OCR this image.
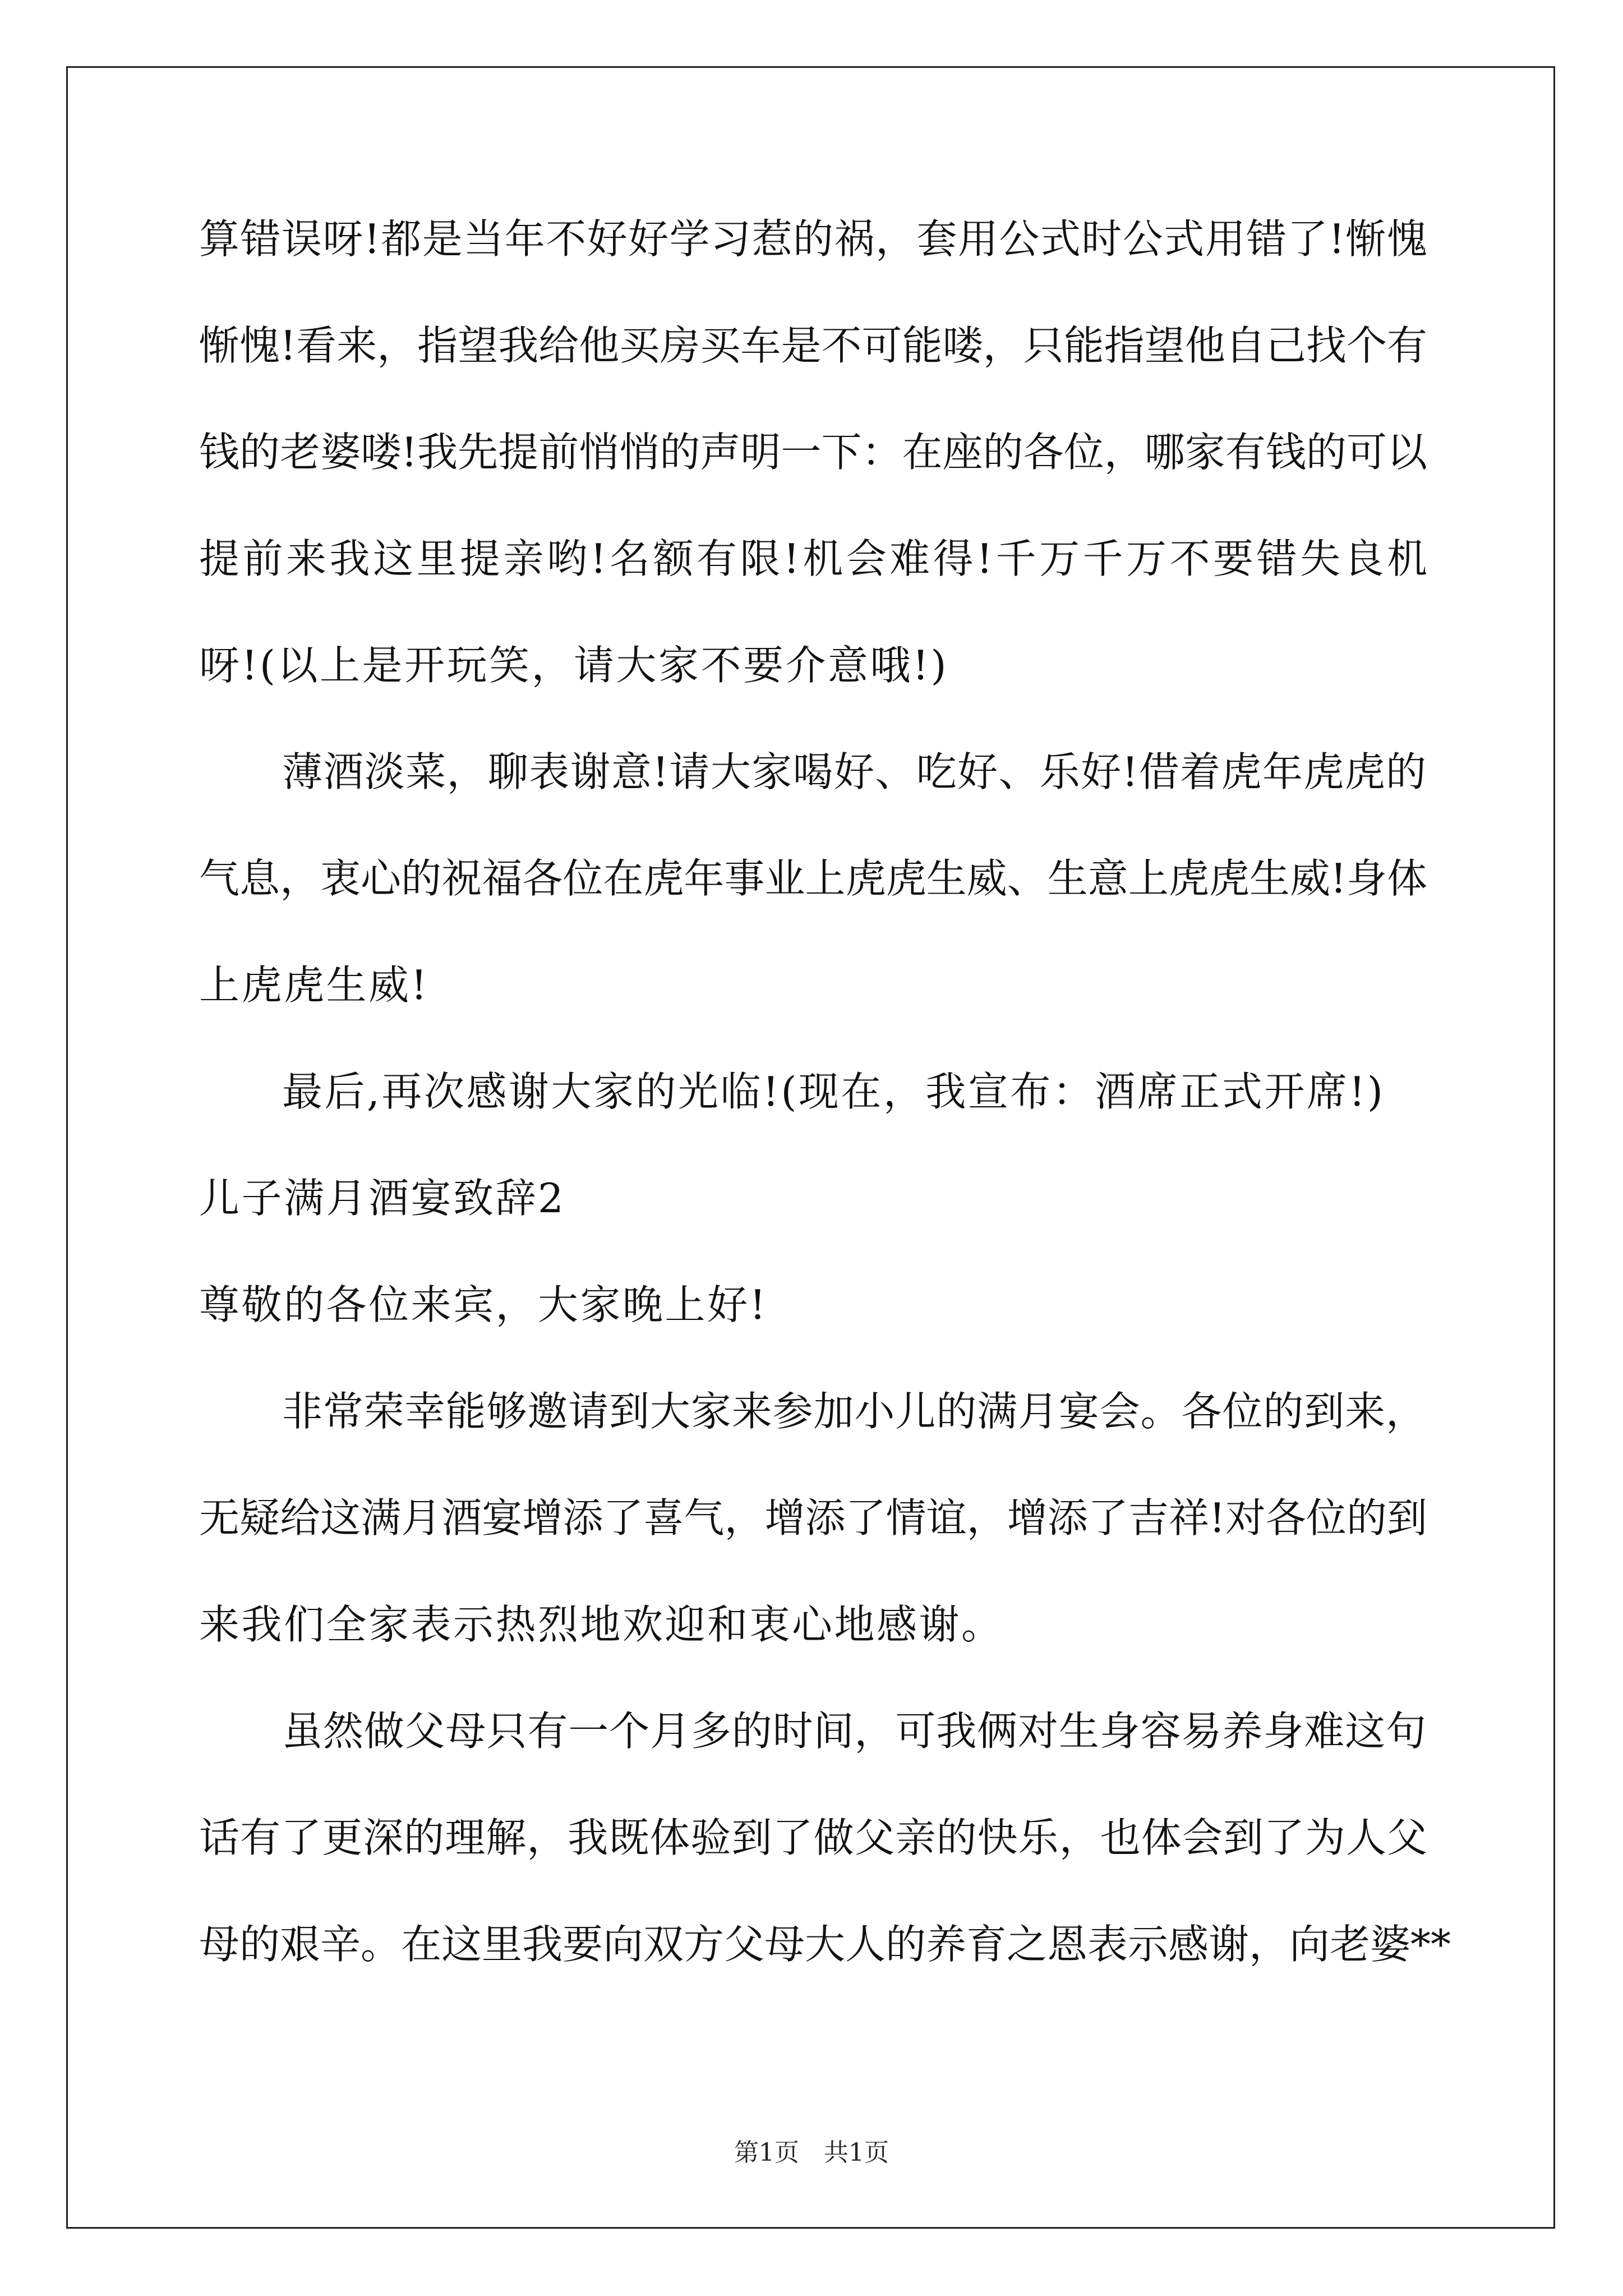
算错误呀!都是当年不好好学习惹的祸，套用公式时公式用错了!惭愧
惭愧!看来，指望我给他买房买车是不可能喽，只能指望他自己找个有
钱的老婆喽!我先提前悄悄的声明一下：在座的各位，哪家有钱的可以
提前来我这里提亲哟!名额有限!机会难得!千万千万不要错失良机
呀!(以上是开玩笑，请大家不要介意哦!)
薄酒淡菜，聊表谢意!请大家喝好、吃好、乐好!借着虎年虎虎的
气息，衷心的祝福各位在虎年事业上虎虎生威、生意上虎虎生威!身体
上虎虎生威!
最后,再次感谢大家的光临!(现在，我宣布：酒席正式开席!)
儿子满月酒宴致辞2
尊敬的各位来宾，大家晚上好!
非常荣幸能够邀请到大家来参加小儿的满月宴会。各位的到来，
无疑给这满月酒宴增添了喜气，增添了情谊，增添了吉祥!对各位的到
来我们全家表示热烈地欢迎和衷心地感谢。
虽然做父母只有一个月多的时间，可我俩对生身容易养身难这句
话有了更深的理解，我既体验到了做父亲的快乐，也体会到了为人父
母的艰辛。在这里我要向双方父母大人的养育之恩表示感谢，向老婆**
第1页　共1页
